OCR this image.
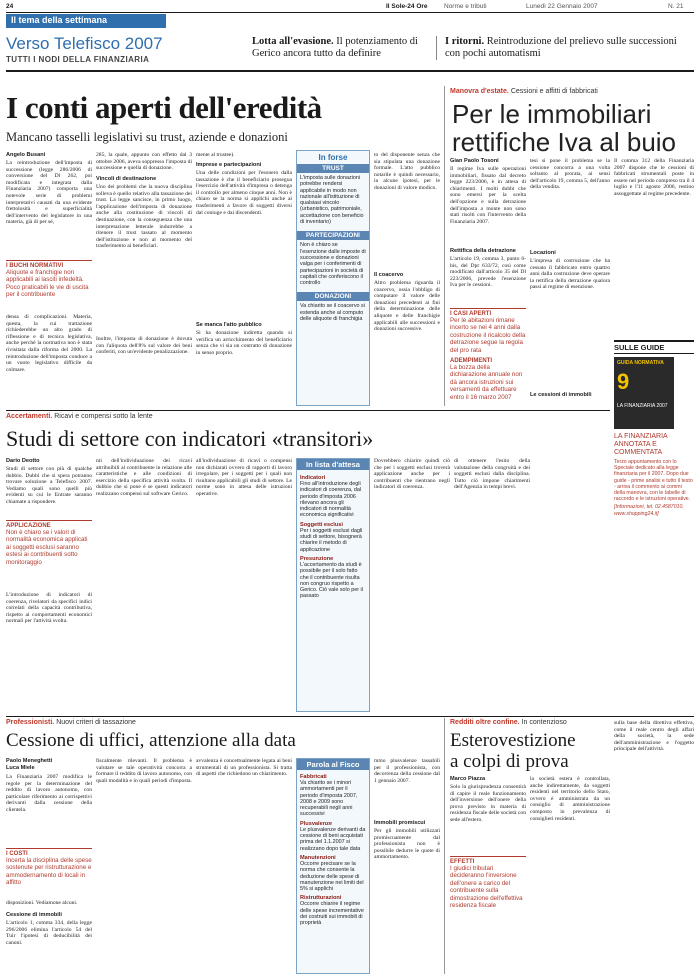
24	Il Sole-24 Ore	Norme e tributi	Lunedì 22 Gennaio 2007	N. 21
Il tema della settimana
Verso Telefisco 2007
TUTTI I NODI DELLA FINANZIARIA
Lotta all'evasione. Il potenziamento di Gerico ancora tutto da definire
I ritorni. Reintroduzione del prelievo sulle successioni con pochi automatismi
I conti aperti dell'eredità
Mancano tasselli legislativi su trust, aziende e donazioni
Angelo Busani
La reintroduzione dell'imposta di successione (legge 286/2006 di conversione del Dl 262, poi modificata e integrata dalla Finanziaria 2007) comporta una notevole serie di problemi interpretativi causati da una evidente frettolosità e superficialità dell'intervento del legislatore in una materia, già di per sé,
I BUCHI NORMATIVI
Aliquote e franchigie non applicabili ai lasciti infedeltà. Poco praticabili le vie di uscita per il contribuente
densa di complicazioni. Materia, questa, la cui trattazione richiederebbe un alto grado di riflessione e di tecnica legislativa, anche perché la normativa non è stata rivisitata dalla riforma del 2000. La reintroduzione dell'imposta conduce a un vuoto legislativo difficile da colmare.
285, la quale, appunto con effetto dal 3 ottobre 2006, aveva soppresso l'imposta di successione e quella di donazione.
Vincoli di destinazione
Uno dei problemi che la nuova disciplina solleva è quello relativo alla tassazione dei trust. La legge sancisce, in primo luogo, l'applicazione dell'imposta di donazione anche alla costituzione di vincoli di destinazione, con la conseguenza che una interpretazione letterale indurrebbe a ritenere il trust tassato al momento dell'istituzione e non al momento del trasferimento ai beneficiari.
Inoltre, l'imposta di donazione è dovuta con l'aliquota dell'8% sul valore dei beni conferiti, con un'evidente penalizzazione.
mente al trustee).
Imprese e partecipazioni
Una delle condizioni per l'esonero dalla tassazione è che il beneficiario prosegua l'esercizio dell'attività d'impresa o detenga il controllo per almeno cinque anni. Non è chiaro se la norma si applichi anche ai trasferimenti a favore di soggetti diversi dal coniuge e dai discendenti.
Se manca l'atto pubblico
Si ha donazione indiretta quando si verifica un arricchimento del beneficiario senza che vi sia un contratto di donazione in senso proprio.
In forse
TRUST
L'imposta sulle donazioni potrebbe rendersi applicabile in modo non razionale all'istituzione di qualsiasi vincolo (urbanistico, patrimoniale, accettazione con beneficio di inventario)
PARTECIPAZIONI
Non è chiaro se l'esenzione dalle imposte di successione e donazioni valga per i conferimenti di partecipazioni in società di capitali che conferiscono il controllo
DONAZIONI
Va chiarito se il coacervo si estenda anche al computo delle aliquote di franchigia
to del disponente senza che sia stipulata una donazione formale. L'atto pubblico notarile è quindi necessario, in alcune ipotesi, per le donazioni di valore modico.
Il coacervo
Altro problema riguarda il coacervo, ossia l'obbligo di computare il valore delle donazioni precedenti ai fini della determinazione delle aliquote e delle franchigie applicabili alle successioni e donazioni successive.
Manovra d'estate. Cessioni e affitti di fabbricati
Per le immobiliari
rettifiche Iva al buio
Gian Paolo Tosoni
Il regime Iva sulle operazioni immobiliari, fissato dal decreto legge 223/2006, è in attesa di chiarimenti. I molti dubbi che sono emersi per la scelta dell'opzione e sulla detrazione dell'imposta a monte non sono stati risolti con l'intervento della Finanziaria 2007.
Rettifica della detrazione
L'articolo 19, comma 3, punto 6-bis, del Dpr 633/72, così come modificato dall'articolo 35 del Dl 223/2006, prevede l'esenzione Iva per le cessioni.
I CASI APERTI
Per le abitazioni rimane incerto se nei 4 anni dalla costruzione il ricalcolo della detrazione segue la regola del pro rata
ADEMPIMENTI
La bozza della dichiarazione annuale non dà ancora istruzioni sui versamenti da effettuare entro il 16 marzo 2007
tesi si pone il problema se la cessione concorra a una volta soltanto al prorata, ai sensi dell'articolo 19, comma 5, dell'anno della vendita.
Locazioni
L'impresa di costruzione che ha cessato il fabbricato entro quattro anni dalla costruzione deve operare la rettifica della detrazione qualora passi al regime di esenzione.
Le cessioni di immobili
Il comma 312 della Finanziaria 2007 dispone che le cessioni di fabbricati strumentali poste in essere nel periodo compreso tra il 4 luglio e l'11 agosto 2006, restino assoggettate al regime precedente.
SULLE GUIDE
GUIDA NORMATIVA
9
LA FINANZIARIA 2007
LA FINANZIARIA ANNOTATA E COMMENTATA
Terzo appuntamento con lo Speciale dedicato alla legge finanziaria per il 2007. Dopo due guide - prime analisi e tutto il testo - arriva il commento ai commi della manovra, con le tabelle di raccordo e le istruzioni operative.
[Informazioni, tel. 02.4587010, www.shopping24.it]
Accertamenti. Ricavi e compensi sotto la lente
Studi di settore con indicatori «transitori»
Dario Deotto
Studi di settore con più di qualche dubbio. Dubbi che si spera potranno trovare soluzione a Telefisco 2007. Vediamo quali sono quelli più evidenti su cui le Entrate saranno chiamate a rispondere.
APPLICAZIONE
Non è chiaro se i valori di normalità economica applicati ai soggetti esclusi saranno estesi ai contribuenti sotto monitoraggio
L'introduzione di indicatori di coerenza, rivelatori da specifici indici correlati della capacità contributiva, rispetto ai comportamenti economici normali per l'attività svolta.
nti dell'individuazione dei ricavi attribuibili al contribuente in relazione alle caratteristiche e alle condizioni di esercizio della specifica attività svolta. Il dubbio che si pone è se questi indicatori realizzano compensi sul software Gerico.
all'individuazione di ricavi o compensi non dichiarati ovvero di rapporti di lavoro irregolare, per i soggetti per i quali non risultano applicabili gli studi di settore. Le norme sono in attesa delle istruzioni operative.
In lista d'attesa
Indicatori
Fino all'introduzione degli indicatori di coerenza, dal periodo d'imposta 2006 rilevano ancora gli indicatori di normalità economica significativi
Soggetti esclusi
Per i soggetti esclusi dagli studi di settore, bisognerà chiarire il metodo di applicazione
Presunzione
L'accertamento da studi è possibile per il solo fatto che il contribuente risulta non congruo rispetto a Gerico. Ciò vale solo per il passato
Dovrebbero chiarire quindi ciò che per i soggetti esclusi troverà applicazione anche per i contribuenti che rientrano negli indicatori di coerenza.
di ottenere l'esito della valutazione della congruità e dei soggetti esclusi dalla disciplina. Tutto ciò impone chiarimenti dell'Agenzia in tempi brevi.
Professionisti. Nuovi criteri di tassazione
Cessione di uffici, attenzione alla data
Paolo Meneghetti
Luca Miele
La Finanziaria 2007 modifica le regole per la determinazione del reddito di lavoro autonomo, con particolare riferimento ai corrispettivi derivanti dalla cessione della clientela.
I COSTI
Incerta la disciplina delle spese sostenute per ristrutturazione e ammodernamento di locali in affitto
disposizioni. Vediamone alcuni.
Cessione di immobili
L'articolo 1, comma 334, della legge 296/2006 elimina l'articolo 54 del Tuir l'ipotesi di deducibilità dei canoni.
fiscalmente rilevanti. Il problema è valutare se tale operatività concorra a formare il reddito di lavoro autonomo, con quali modalità e in quali periodi d'imposta.
avvalenza è concettualmente legata ai beni strumentali di un professionista. Si tratta di aspetti che richiedono un chiarimento.
Parola al Fisco
Fabbricati
Va chiarito se i minori ammortamenti per il periodo d'imposta 2007, 2008 e 2009 sono recuperabili negli anni successivi
Plusvalenze
Le plusvalenze derivanti da cessione di beni acquistati prima del 1.1.2007 si realizzano dopo tale data
Manutenzioni
Occorre precisare se la norma che consente la deduzione delle spese di manutenzione nei limiti del 5% si applichi
Ristrutturazioni
Occorre chiarire il regime delle spese incrementative dei costruiti sui immobili di proprietà
mmo plusvalenze tassabili per il professionista, con decorrenza della cessione dal 1 gennaio 2007.
Immobili promiscui
Per gli immobili utilizzati promiscuamente dal professionista non è possibile dedurre le quote di ammortamento.
Redditi oltre confine. In contenzioso
Esterovestizione
a colpi di prova
Marco Piazza
Solo la giurisprudenza consentirà di capire il reale funzionamento dell'inversione dell'onere della prova previsto in materia di residenza fiscale delle società con sede all'estero.
EFFETTI
I giudici tributari decideranno l'inversione dell'onere a carico del contribuente sulla dimostrazione dell'effettiva residenza fiscale
la società estera è controllata, anche indirettamente, da soggetti residenti nel territorio dello Stato, ovvero è amministrata da un consiglio di amministrazione composto in prevalenza di consiglieri residenti.
sulla base della direttiva effettiva, come il reale centro degli affari della società, la sede dell'amministrazione e l'oggetto principale dell'attività.
